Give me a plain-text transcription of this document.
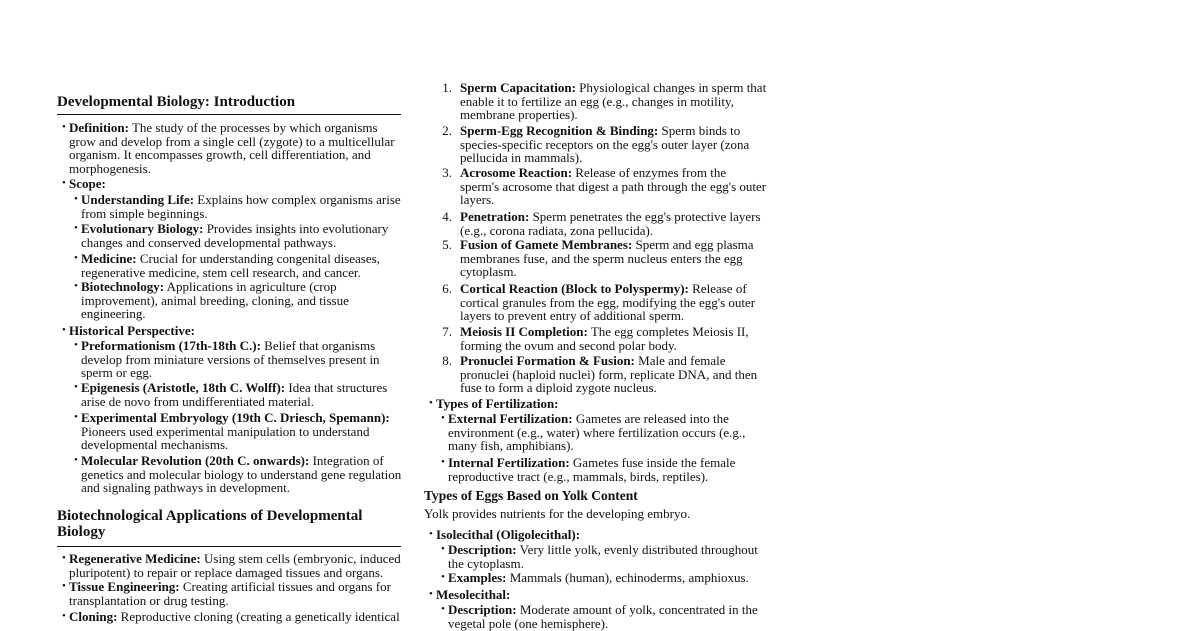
Developmental Biology: Introduction
• Definition: The study of the processes by which organisms
grow and develop from a single cell (zygote) to a multicellular
organism. It encompasses growth, cell differentiation, and
morphogenesis.
• Scope:
• Understanding Life: Explains how complex organisms arise
from simple beginnings.
• Evolutionary Biology: Provides insights into evolutionary
changes and conserved developmental pathways.
• Medicine: Crucial for understanding congenital diseases,
regenerative medicine, stem cell research, and cancer.
• Biotechnology: Applications in agriculture (crop
improvement), animal breeding, cloning, and tissue
engineering.
• Historical Perspective:
• Preformationism (17th-18th C.): Belief that organisms
develop from miniature versions of themselves present in
sperm or egg.
• Epigenesis (Aristotle, 18th C. Wolff): Idea that structures
arise de novo from undifferentiated material.
• Experimental Embryology (19th C. Driesch, Spemann):
Pioneers used experimental manipulation to understand
developmental mechanisms.
• Molecular Revolution (20th C. onwards): Integration of
genetics and molecular biology to understand gene regulation
and signaling pathways in development.
Biotechnological Applications of Developmental
Biology
• Regenerative Medicine: Using stem cells (embryonic, induced
pluripotent) to repair or replace damaged tissues and organs.
• Tissue Engineering: Creating artificial tissues and organs for
transplantation or drug testing.
• Cloning: Reproductive cloning (creating a genetically identical
1. Sperm Capacitation: Physiological changes in sperm that
enable it to fertilize an egg (e.g., changes in motility,
membrane properties).
2. Sperm-Egg Recognition & Binding: Sperm binds to
species-specific receptors on the egg's outer layer (zona
pellucida in mammals).
3. Acrosome Reaction: Release of enzymes from the
sperm's acrosome that digest a path through the egg's outer
layers.
4. Penetration: Sperm penetrates the egg's protective layers
(e.g., corona radiata, zona pellucida).
5. Fusion of Gamete Membranes: Sperm and egg plasma
membranes fuse, and the sperm nucleus enters the egg
cytoplasm.
6. Cortical Reaction (Block to Polyspermy): Release of
cortical granules from the egg, modifying the egg's outer
layers to prevent entry of additional sperm.
7. Meiosis II Completion: The egg completes Meiosis II,
forming the ovum and second polar body.
8. Pronuclei Formation & Fusion: Male and female
pronuclei (haploid nuclei) form, replicate DNA, and then
fuse to form a diploid zygote nucleus.
• Types of Fertilization:
• External Fertilization: Gametes are released into the
environment (e.g., water) where fertilization occurs (e.g.,
many fish, amphibians).
• Internal Fertilization: Gametes fuse inside the female
reproductive tract (e.g., mammals, birds, reptiles).
Types of Eggs Based on Yolk Content
Yolk provides nutrients for the developing embryo.
• Isolecithal (Oligolecithal):
• Description: Very little yolk, evenly distributed throughout
the cytoplasm.
• Examples: Mammals (human), echinoderms, amphioxus.
• Mesolecithal:
• Description: Moderate amount of yolk, concentrated in the
vegetal pole (one hemisphere).
